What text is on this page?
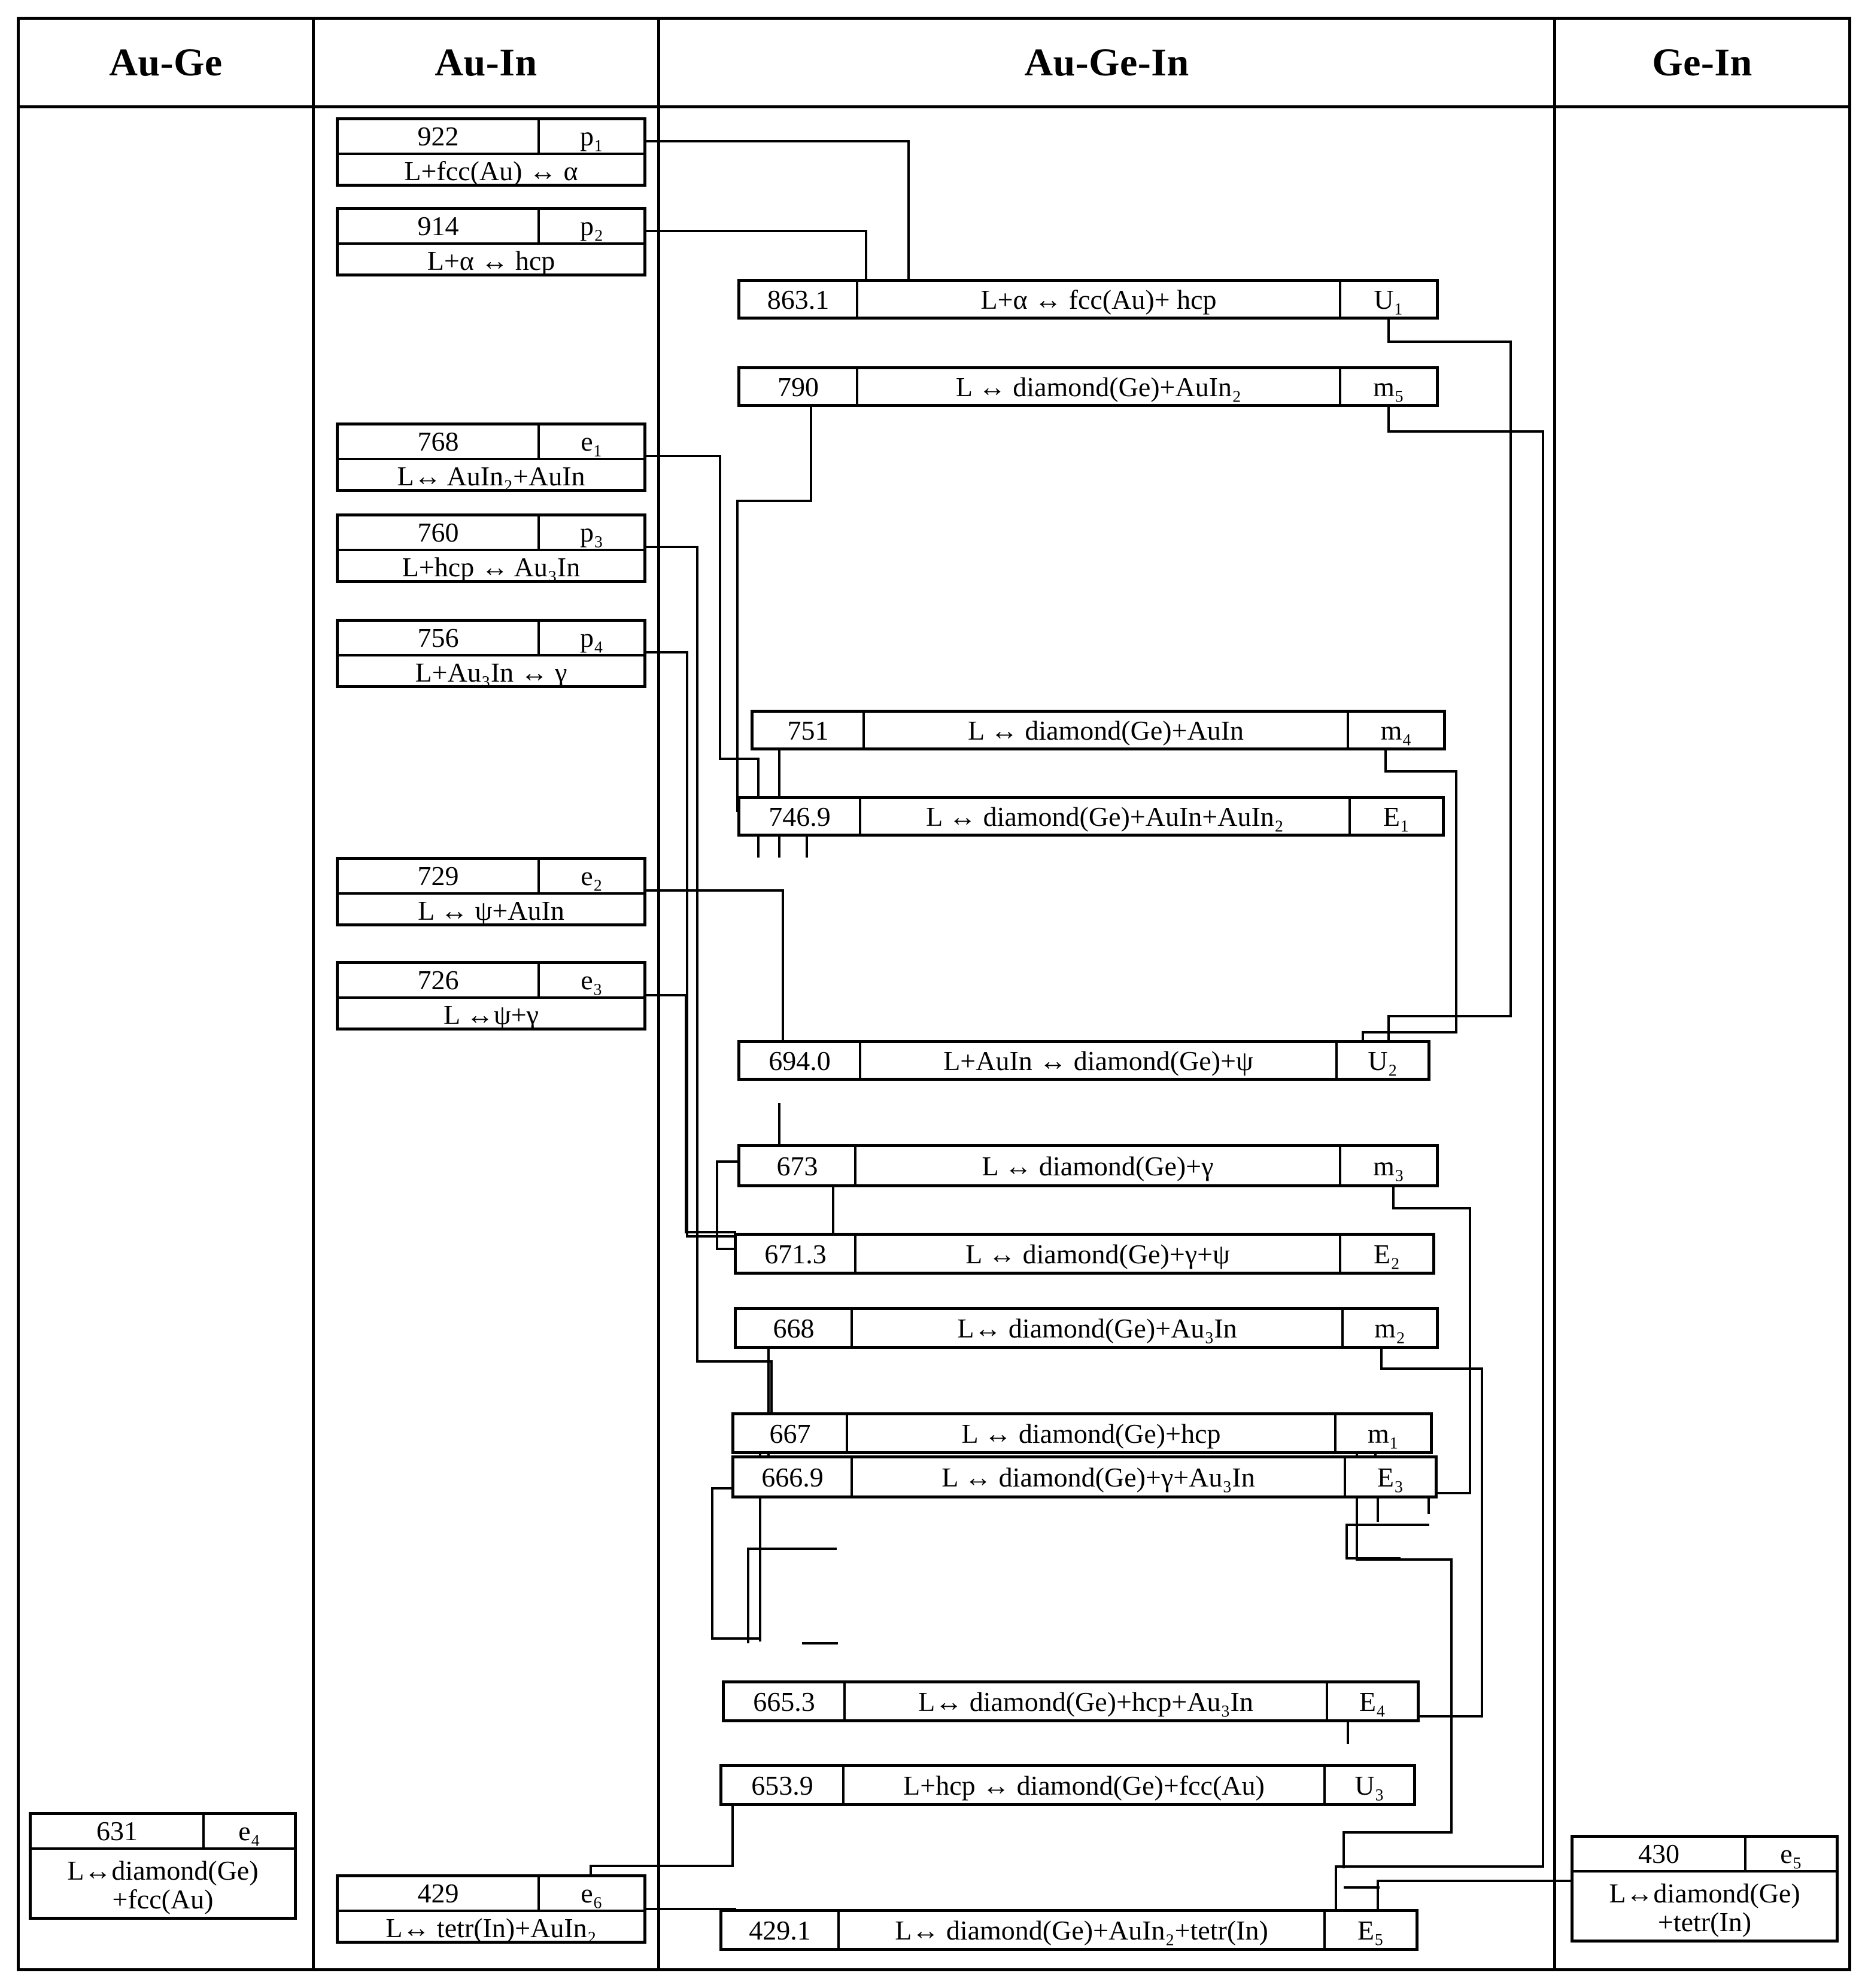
Au-Ge	Au-In	Au-Ge-In	Ge-In
922	p₁
L+fcc(Au) ↔ α
914	p₂
L+α ↔ hcp
768	e₁
L↔ AuIn₂+AuIn
760	p₃
L+hcp ↔ Au₃In
756	p₄
L+Au₃In ↔ γ
729	e₂
L ↔ ψ+AuIn
726	e₃
L ↔ψ+γ
631	e₄
L↔diamond(Ge)
+fcc(Au)	429	e₆
L↔ tetr(In)+AuIn₂
430	e₅
L↔diamond(Ge)
+tetr(In)
863.1	L+α ↔ fcc(Au)+ hcp	U₁
790	L ↔ diamond(Ge)+AuIn₂	m₅
751	L ↔ diamond(Ge)+AuIn	m₄
746.9	L ↔ diamond(Ge)+AuIn+AuIn₂	E₁
694.0	L+AuIn ↔ diamond(Ge)+ψ	U₂
673	L ↔ diamond(Ge)+γ	m₃
671.3	L ↔ diamond(Ge)+γ+ψ	E₂
668	L↔ diamond(Ge)+Au₃In	m₂
667	L ↔ diamond(Ge)+hcp	m₁
666.9	L ↔ diamond(Ge)+γ+Au₃In	E₃
665.3	L↔ diamond(Ge)+hcp+Au₃In	E₄
653.9	L+hcp ↔ diamond(Ge)+fcc(Au)	U₃
429.1	L↔ diamond(Ge)+AuIn₂+tetr(In)	E₅
